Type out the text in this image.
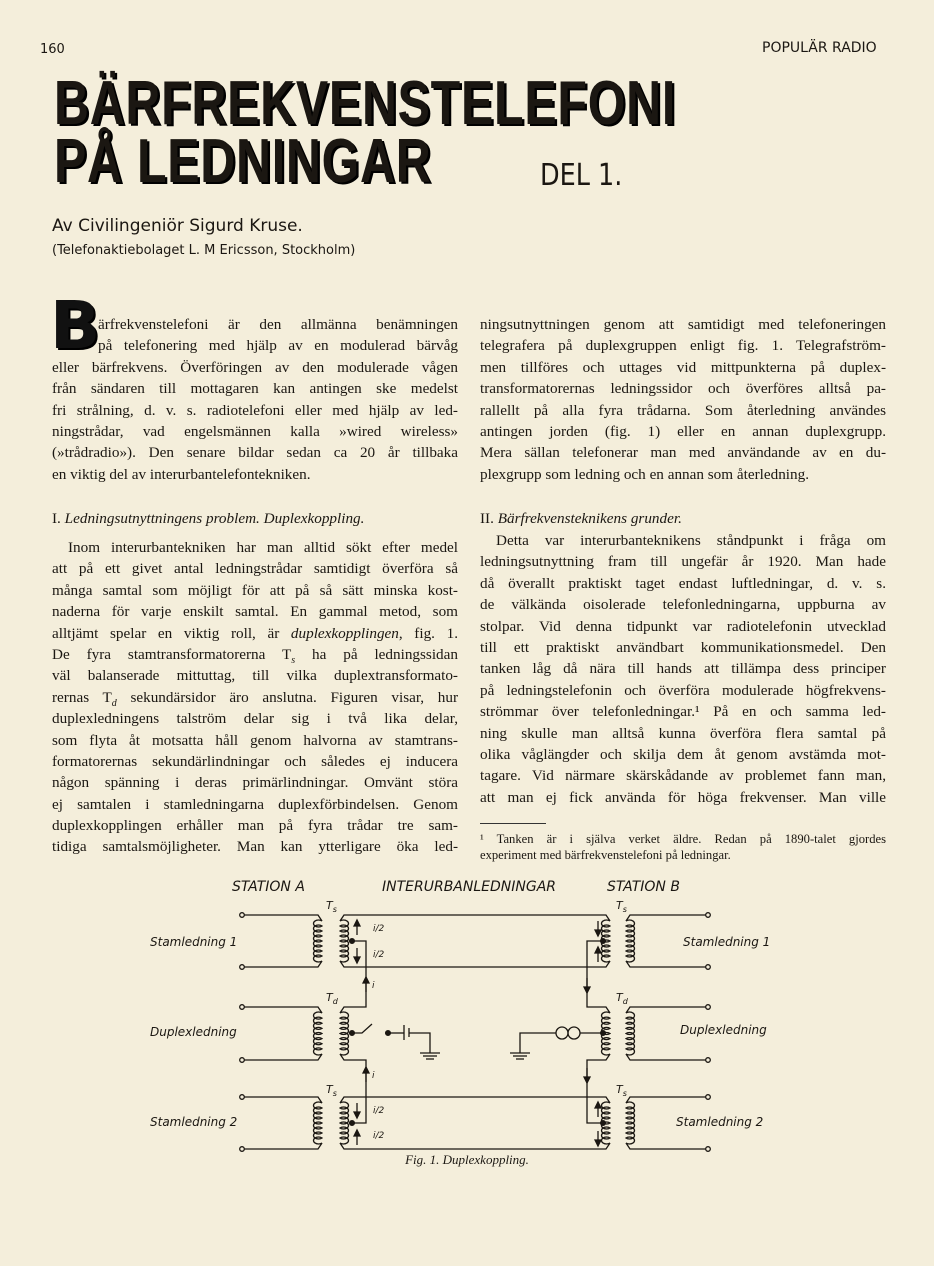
160	POPULÄR RADIO
BÄRFREKVENSTELEFONI
PÅ LEDNINGAR	DEL 1.
Av Civilingeniör Sigurd Kruse.
(Telefonaktiebolaget L. M Ericsson, Stockholm)
B
ärfrekvenstelefoni är den allmänna benämningen
på telefonering med hjälp av en modulerad bärvåg
eller bärfrekvens. Överföringen av den modulerade vågen
från sändaren till mottagaren kan antingen ske medelst
fri strålning, d. v. s. radiotelefoni eller med hjälp av led-
ningstrådar, vad engelsmännen kalla »wired wireless»
(»trådradio»). Den senare bildar sedan ca 20 år tillbaka
en viktig del av interurbantelefontekniken.
I. Ledningsutnyttningens problem. Duplexkoppling.
Inom interurbantekniken har man alltid sökt efter medel
att på ett givet antal ledningstrådar samtidigt överföra så
många samtal som möjligt för att på så sätt minska kost-
naderna för varje enskilt samtal. En gammal metod, som
alltjämt spelar en viktig roll, är duplexkopplingen, fig. 1.
De fyra stamtransformatorerna $T_s$ ha på ledningssidan
väl balanserade mittuttag, till vilka duplextransformato-
rernas $T_d$ sekundärsidor äro anslutna. Figuren visar, hur
duplexledningens talström delar sig i två lika delar,
som flyta åt motsatta håll genom halvorna av stamtrans-
formatorernas sekundärlindningar och således ej inducera
någon spänning i deras primärlindningar. Omvänt störa
ej samtalen i stamledningarna duplexförbindelsen. Genom
duplexkopplingen erhåller man på fyra trådar tre sam-
tidiga samtalsmöjligheter. Man kan ytterligare öka led-
ningsutnyttningen genom att samtidigt med telefoneringen
telegrafera på duplexgruppen enligt fig. 1. Telegrafström-
men tillföres och uttages vid mittpunkterna på duplex-
transformatorernas ledningssidor och överföres alltså pa-
rallellt på alla fyra trådarna. Som återledning användes
antingen jorden (fig. 1) eller en annan duplexgrupp.
Mera sällan telefonerar man med användande av en du-
plexgrupp som ledning och en annan som återledning.
II. Bärfrekvensteknikens grunder.
Detta var interurbanteknikens ståndpunkt i fråga om
ledningsutnyttning fram till ungefär år 1920. Man hade
då överallt praktiskt taget endast luftledningar, d. v. s.
de välkända oisolerade telefonledningarna, uppburna av
stolpar. Vid denna tidpunkt var radiotelefonin utvecklad
till ett praktiskt användbart kommunikationsmedel. Den
tanken låg då nära till hands att tillämpa dess principer
på ledningstelefonin och överföra modulerade högfrekvens-
strömmar över telefonledningar.¹ På en och samma led-
ning skulle man alltså kunna överföra flera samtal på
olika våglängder och skilja dem åt genom avstämda mot-
tagare. Vid närmare skärskådande av problemet fann man,
att man ej fick använda för höga frekvenser. Man ville
¹ Tanken är i själva verket äldre. Redan på 1890-talet gjordes
experiment med bärfrekvenstelefoni på ledningar.
STATION A	INTERURBANLEDNINGAR	STATION B
Stamledning 1
Duplexledning
Stamledning 2
Stamledning 1
Duplexledning
Stamledning 2
$T_s$	$T_s$
$T_d$	$T_d$
$T_s$	$T_s$
i/2
i/2
i
i
i/2
i/2
Fig. 1. Duplexkoppling.
